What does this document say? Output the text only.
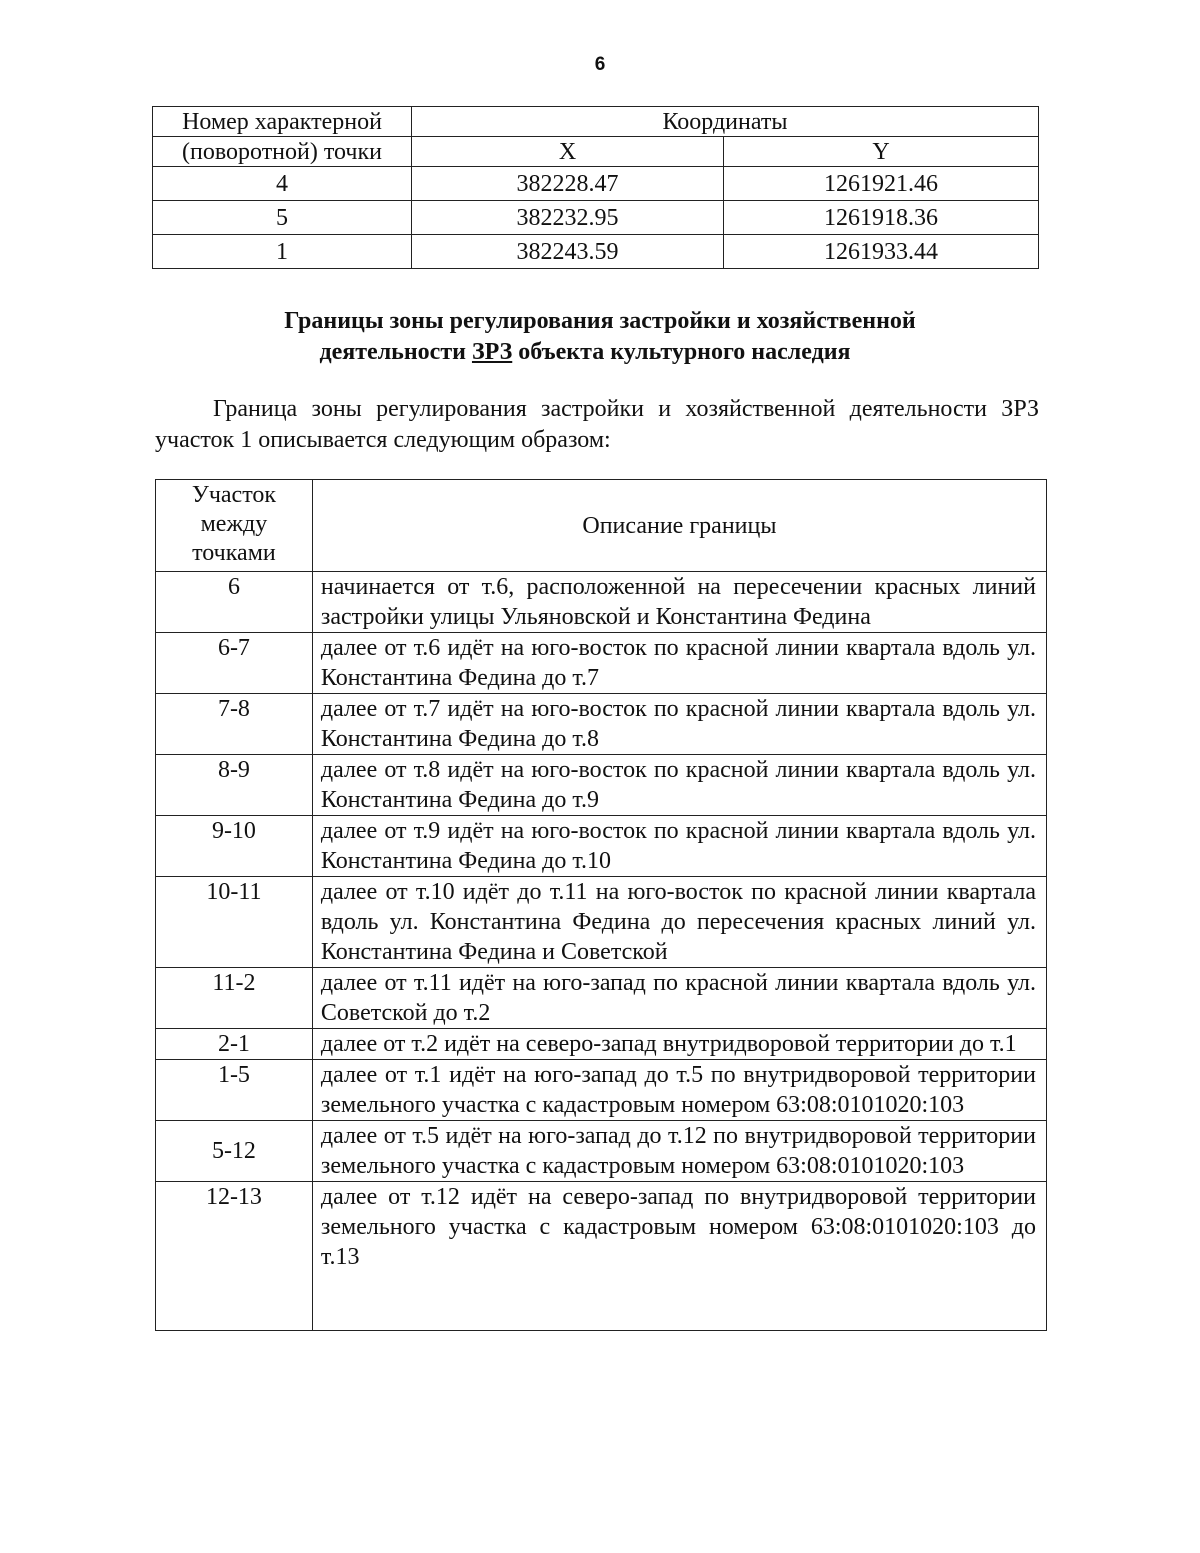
6
Номер характерной	Координаты	
(поворотной) точки	X	Y
4	382228.47	1261921.46
5	382232.95	1261918.36
1	382243.59	1261933.44
Границы зоны регулирования застройки и хозяйственной
деятельности ЗРЗ объекта культурного наследия
Граница зоны регулирования застройки и хозяйственной деятельности ЗРЗ участок 1 описывается следующим образом:
Участок
между
точками	Описание границы
6	начинается от т.6, расположенной на пересечении красных линий застройки улицы Ульяновской и Константина Федина
6-7	далее от т.6 идёт на юго-восток по красной линии квартала вдоль ул. Константина Федина до т.7
7-8	далее от т.7 идёт на юго-восток по красной линии квартала вдоль ул. Константина Федина до т.8
8-9	далее от т.8 идёт на юго-восток по красной линии квартала вдоль ул. Константина Федина до т.9
9-10	далее от т.9 идёт на юго-восток по красной линии квартала вдоль ул. Константина Федина до т.10
10-11	далее от т.10 идёт до т.11 на юго-восток по красной линии квартала вдоль ул. Константина Федина до пересечения красных линий ул. Константина Федина и Советской
11-2	далее от т.11 идёт на юго-запад по красной линии квартала вдоль ул. Советской до т.2
2-1	далее от т.2 идёт на северо-запад внутридворовой территории до т.1
1-5	далее от т.1 идёт на юго-запад до т.5 по внутридворовой территории земельного участка с кадастровым номером 63:08:0101020:103
5-12	далее от т.5 идёт на юго-запад до т.12 по внутридворовой территории земельного участка с кадастровым номером 63:08:0101020:103
12-13	далее от т.12 идёт на северо-запад по внутридворовой территории земельного участка с кадастровым номером 63:08:0101020:103 до т.13
